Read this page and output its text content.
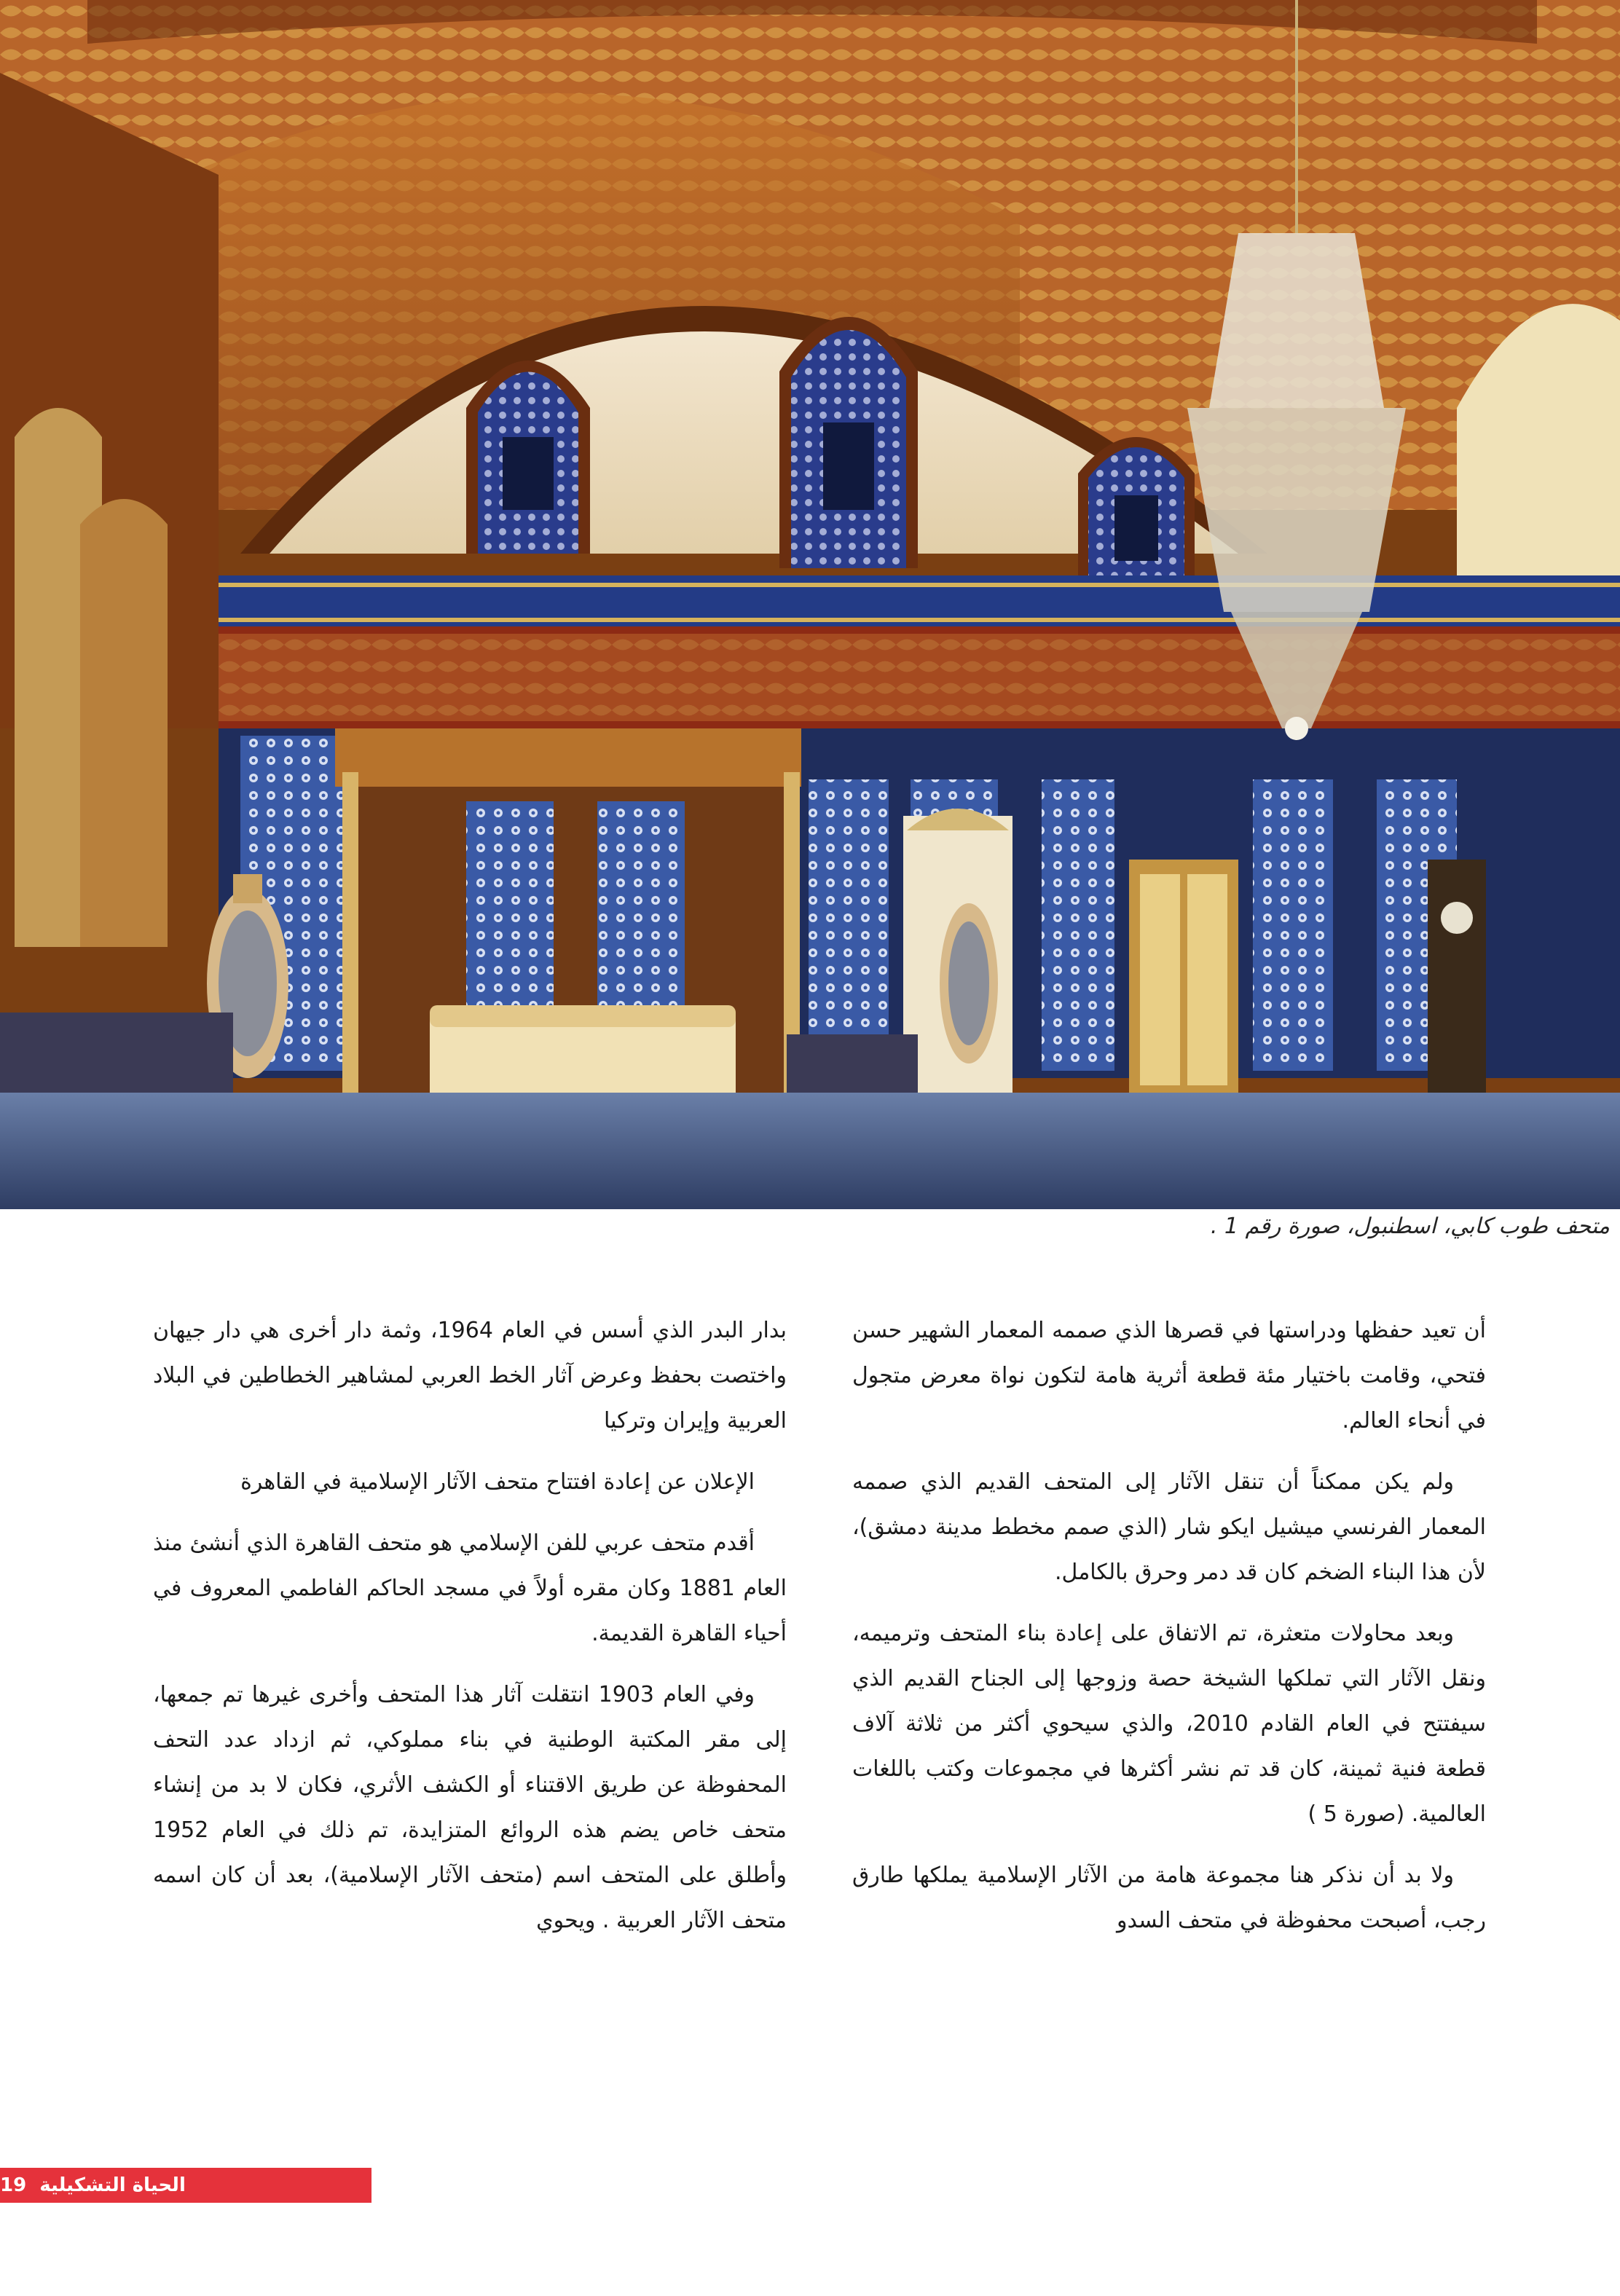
متحف طوب كابي، اسطنبول، صورة رقم 1 .

أن تعيد حفظها ودراستها في قصرها الذي صممه المعمار الشهير حسن فتحي، وقامت باختيار مئة قطعة أثرية هامة لتكون نواة معرض متجول في أنحاء العالم.

ولم يكن ممكناً أن تنقل الآثار إلى المتحف القديم الذي صممه المعمار الفرنسي ميشيل ايكو شار (الذي صمم مخطط مدينة دمشق)، لأن هذا البناء الضخم كان قد دمر وحرق بالكامل.

وبعد محاولات متعثرة، تم الاتفاق على إعادة بناء المتحف وترميمه، ونقل الآثار التي تملكها الشيخة حصة وزوجها إلى الجناح القديم الذي سيفتتح في العام القادم 2010، والذي سيحوي أكثر من ثلاثة آلاف قطعة فنية ثمينة، كان قد تم نشر أكثرها في مجموعات وكتب باللغات العالمية. (صورة 5 )

ولا بد أن نذكر هنا مجموعة هامة من الآثار الإسلامية يملكها طارق رجب، أصبحت محفوظة في متحف السدو

بدار البدر الذي أسس في العام 1964، وثمة دار أخرى هي دار جيهان واختصت بحفظ وعرض آثار الخط العربي لمشاهير الخطاطين في البلاد العربية وإيران وتركيا

الإعلان عن إعادة افتتاح متحف الآثار الإسلامية في القاهرة

أقدم متحف عربي للفن الإسلامي هو متحف القاهرة الذي أنشئ منذ العام 1881 وكان مقره أولاً في مسجد الحاكم الفاطمي المعروف في أحياء القاهرة القديمة.

وفي العام 1903 انتقلت آثار هذا المتحف وأخرى غيرها تم جمعها، إلى مقر المكتبة الوطنية في بناء مملوكي، ثم ازداد عدد التحف المحفوظة عن طريق الاقتناء أو الكشف الأثري، فكان لا بد من إنشاء متحف خاص يضم هذه الروائع المتزايدة، تم ذلك في العام 1952 وأطلق على المتحف اسم (متحف الآثار الإسلامية)، بعد أن كان اسمه متحف الآثار العربية . ويحوي

الحياة التشكيلية
19
